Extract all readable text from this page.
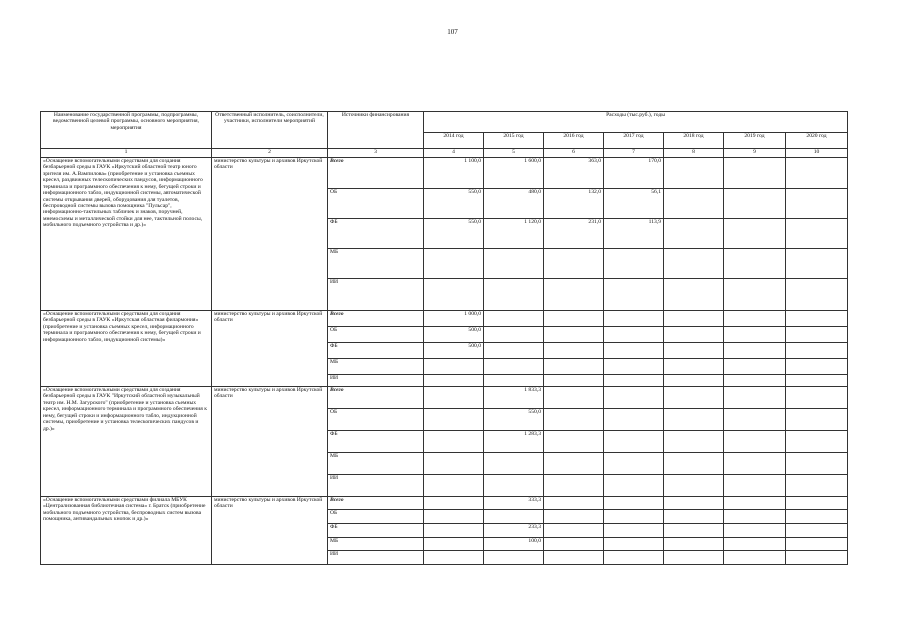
107
Наименование государственной программы, подпрограммы, ведомственной целевой программы, основного мероприятия, мероприятия	Ответственный исполнитель, соисполнители, участники, исполнители мероприятий	Источники финансирования	Расходы (тыс.руб.), годы						
			2014 год	2015 год	2016 год	2017 год	2018 год	2019 год	2020 год
1	2	3	4	5	6	7	8	9	10
«Оснащение вспомогательными средствами для создания безбарьерной среды в ГАУК «Иркутский областной театр юного зрителя им. А.Вампилова» (приобретение и установка съемных кресел, раздвижных телескопических пандусов, информационного терминала и программного обеспечения к нему, бегущей строки и информационного табло, индукционной системы, автоматической системы открывания дверей, оборудования для туалетов, беспроводной системы вызова помощника "Пульсар", информационно-тактильных табличек и знаков, поручней, мнемосхемы и металлической стойки для нее, тактильной полосы, мобильного подъемного устройства и др.)»	министерство культуры и архивов Иркутской области	Всего	1 100,0	1 600,0	363,0	170,0			
		ОБ	550,0	480,0	132,0	56,1			
		ФБ	550,0	1 120,0	231,0	113,9			
		МБ							
		ИИ							
«Оснащение вспомогательными средствами для создания безбарьерной среды в ГАУК «Иркутская областная филармония» (приобретение и установка съемных кресел, информационного терминала и программного обеспечения к нему, бегущей строки и информационного табло, индукционной системы)»	министерство культуры и архивов Иркутской области	Всего	1 000,0						
		ОБ	500,0						
		ФБ	500,0						
		МБ							
		ИИ							
«Оснащение вспомогательными средствами для создания безбарьерной среды в ГАУК "Иркутский областной музыкальный театр им. Н.М. Загурского" (приобретение и установка съемных кресел, информационного терминала и программного обеспечения к нему, бегущей строки и информационного табло, индукционной системы, приобретение и установка телескопических пандусов и др.)»	министерство культуры и архивов Иркутской области	Всего		1 833,3					
		ОБ		550,0					
		ФБ		1 283,3					
		МБ							
		ИИ							
«Оснащение вспомогательными средствами филиала МБУК «Централизованная библиотечная система» г. Братск (приобретение мобильного подъемного устройства, беспроводных систем вызова помощника, антивандальных кнопок и др.)»	министерство культуры и архивов Иркутской области	Всего		333,3					
		ОБ							
		ФБ		233,3					
		МБ		100,0					
		ИИ							
